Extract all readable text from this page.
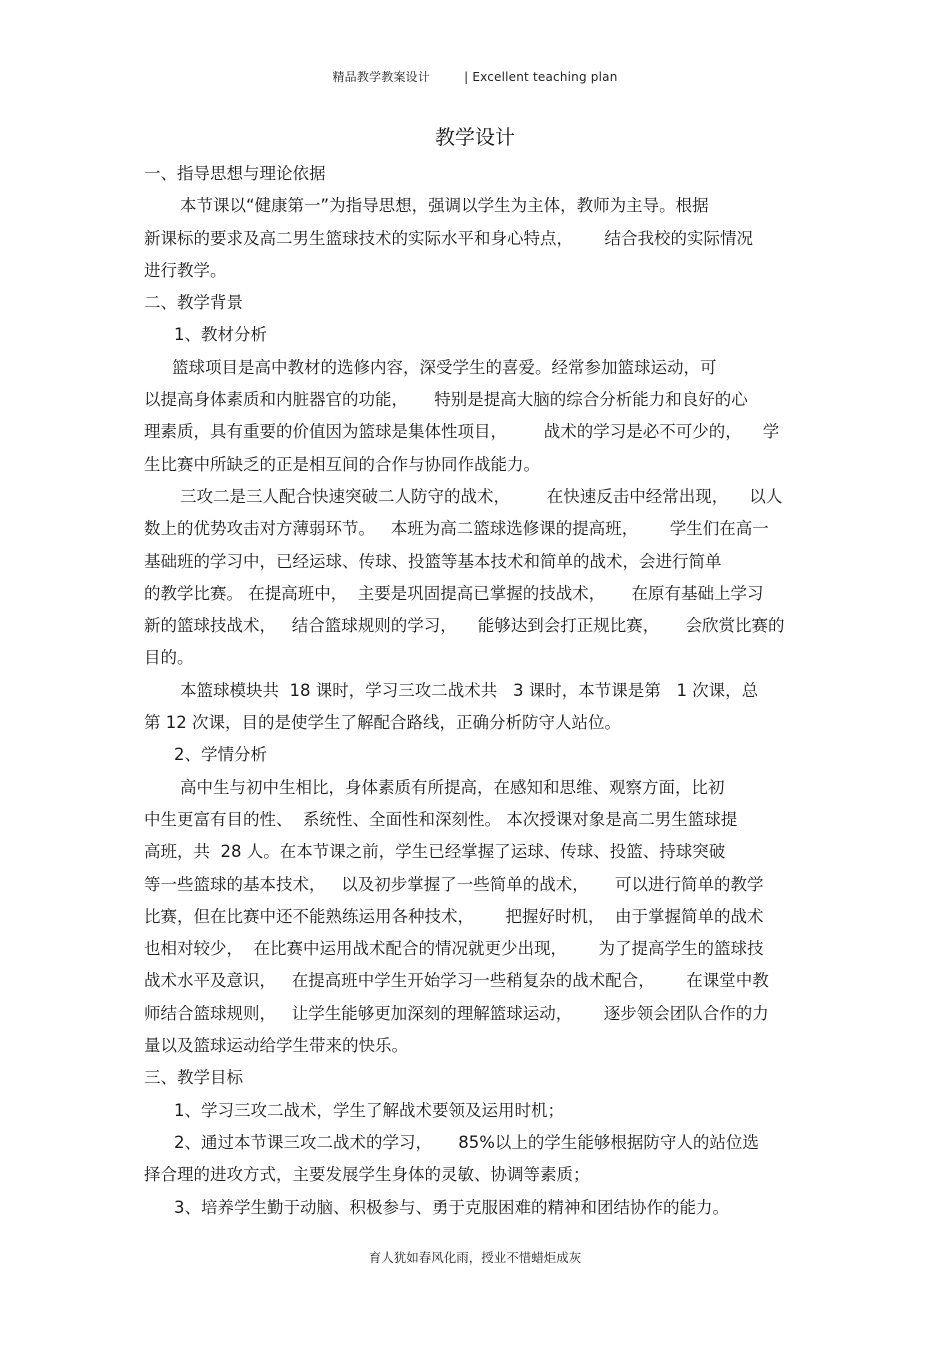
精品教学教案设计	| Excellent teaching plan
教学设计
一、指导思想与理论依据
本节课以“健康第一”为指导思想，强调以学生为主体，教师为主导。根据
新课标的要求及高二男生篮球技术的实际水平和身心特点，      结合我校的实际情况
进行教学。
二、教学背景
1、教材分析
篮球项目是高中教材的选修内容，深受学生的喜爱。经常参加篮球运动，可
以提高身体素质和内脏器官的功能，     特别是提高大脑的综合分析能力和良好的心
理素质，具有重要的价值因为篮球是集体性项目，       战术的学习是必不可少的，    学
生比赛中所缺乏的正是相互间的合作与协同作战能力。
三攻二是三人配合快速突破二人防守的战术，       在快速反击中经常出现，    以人
数上的优势攻击对方薄弱环节。   本班为高二篮球选修课的提高班，      学生们在高一
基础班的学习中，已经运球、传球、投篮等基本技术和简单的战术，会进行简单
的教学比赛。 在提高班中，  主要是巩固提高已掌握的技战术，     在原有基础上学习
新的篮球技战术，   结合篮球规则的学习，    能够达到会打正规比赛，     会欣赏比赛的
目的。
本篮球模块共  18 课时，学习三攻二战术共   3 课时，本节课是第   1 次课，总
第 12 次课，目的是使学生了解配合路线，正确分析防守人站位。
2、学情分析
高中生与初中生相比，身体素质有所提高，在感知和思维、观察方面，比初
中生更富有目的性、  系统性、全面性和深刻性。 本次授课对象是高二男生篮球提
高班，共  28 人。在本节课之前，学生已经掌握了运球、传球、投篮、持球突破
等一些篮球的基本技术，   以及初步掌握了一些简单的战术，     可以进行简单的教学
比赛，但在比赛中还不能熟练运用各种技术，      把握好时机，  由于掌握简单的战术
也相对较少，  在比赛中运用战术配合的情况就更少出现，      为了提高学生的篮球技
战术水平及意识，   在提高班中学生开始学习一些稍复杂的战术配合，      在课堂中教
师结合篮球规则，   让学生能够更加深刻的理解篮球运动，      逐步领会团队合作的力
量以及篮球运动给学生带来的快乐。
三、教学目标
1、学习三攻二战术，学生了解战术要领及运用时机；
2、通过本节课三攻二战术的学习，     85%以上的学生能够根据防守人的站位选
择合理的进攻方式，主要发展学生身体的灵敏、协调等素质；
3、培养学生勤于动脑、积极参与、勇于克服困难的精神和团结协作的能力。
育人犹如春风化雨，授业不惜蜡炬成灰
